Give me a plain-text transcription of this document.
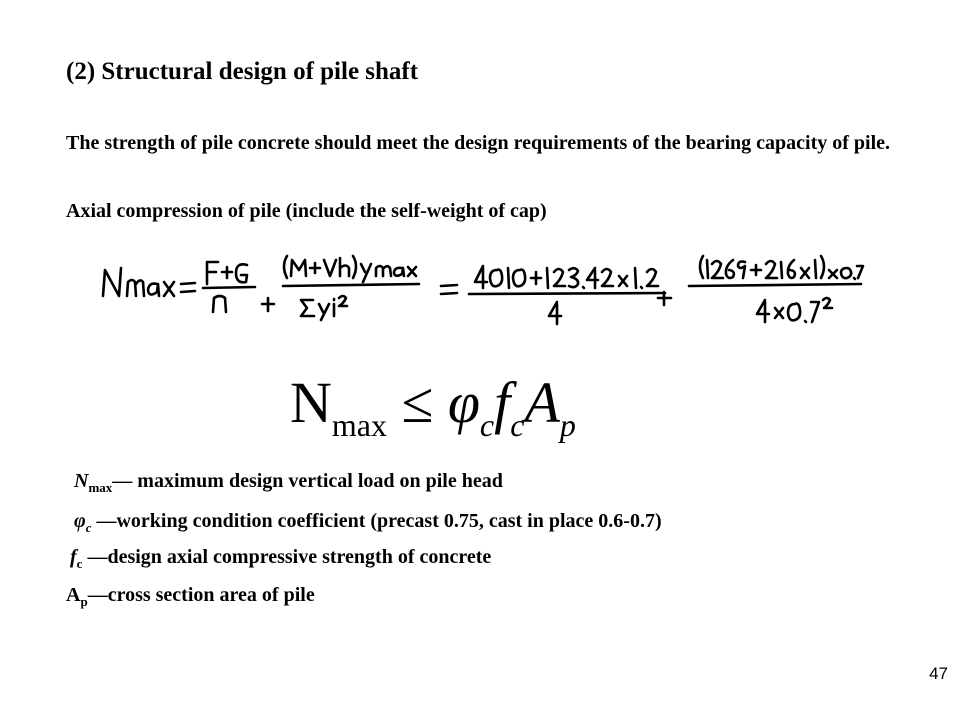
(2) Structural design of pile shaft
The strength of pile concrete should meet the design requirements of the bearing capacity of pile.
Axial compression of pile (include the self-weight of cap)
$N_{max} \le \varphi_cf_cA_p$
$N_{max}—$ maximum design vertical load on pile head
$\varphi_c$ —working condition coefficient (precast 0.75, cast in place 0.6-0.7)
$f_c$ —design axial compressive strength of concrete
$A_p—cross$ section area of pile
47
